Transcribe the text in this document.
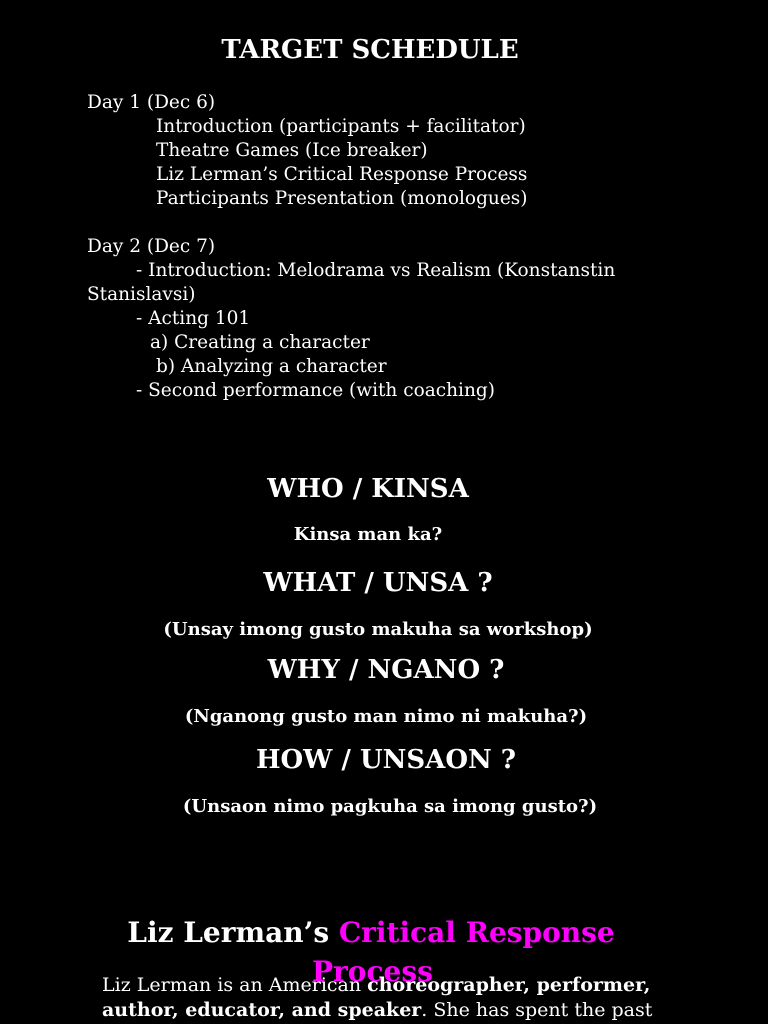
TARGET SCHEDULE
Day 1 (Dec 6)
Introduction (participants + facilitator)
Theatre Games (Ice breaker)
Liz Lerman’s Critical Response Process
Participants Presentation (monologues)
Day 2 (Dec 7)
- Introduction: Melodrama vs Realism (Konstanstin
Stanislavsi)
- Acting 101
a) Creating a character
b) Analyzing a character
- Second performance (with coaching)
WHO / KINSA
Kinsa man ka?
WHAT / UNSA ?
(Unsay imong gusto makuha sa workshop)
WHY / NGANO ?
(Nganong gusto man nimo ni makuha?)
HOW / UNSAON ?
(Unsaon nimo pagkuha sa imong gusto?)
Liz Lerman’s Critical Response
Process
Liz Lerman is an American choreographer, performer,
author, educator, and speaker. She has spent the past
